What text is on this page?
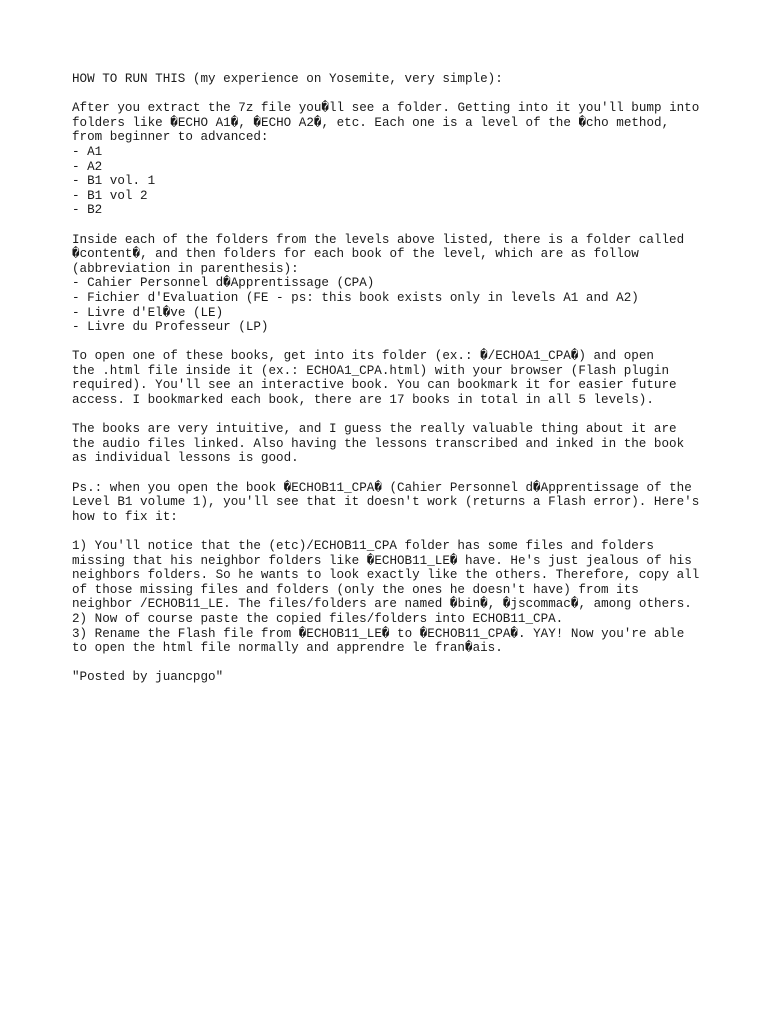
HOW TO RUN THIS (my experience on Yosemite, very simple):
After you extract the 7z file you�ll see a folder. Getting into it you'll bump into
folders like �ECHO A1�, �ECHO A2�, etc. Each one is a level of the �cho method,
from beginner to advanced:
- A1
- A2
- B1 vol. 1
- B1 vol 2
- B2
Inside each of the folders from the levels above listed, there is a folder called
�content�, and then folders for each book of the level, which are as follow
(abbreviation in parenthesis):
- Cahier Personnel d�Apprentissage (CPA)
- Fichier d'Evaluation (FE - ps: this book exists only in levels A1 and A2)
- Livre d'El�ve (LE)
- Livre du Professeur (LP)
To open one of these books, get into its folder (ex.: �/ECHOA1_CPA�) and open
the .html file inside it (ex.: ECHOA1_CPA.html) with your browser (Flash plugin
required). You'll see an interactive book. You can bookmark it for easier future
access. I bookmarked each book, there are 17 books in total in all 5 levels).
The books are very intuitive, and I guess the really valuable thing about it are
the audio files linked. Also having the lessons transcribed and inked in the book
as individual lessons is good.
Ps.: when you open the book �ECHOB11_CPA� (Cahier Personnel d�Apprentissage of the
Level B1 volume 1), you'll see that it doesn't work (returns a Flash error). Here's
how to fix it:
1) You'll notice that the (etc)/ECHOB11_CPA folder has some files and folders
missing that his neighbor folders like �ECHOB11_LE� have. He's just jealous of his
neighbors folders. So he wants to look exactly like the others. Therefore, copy all
of those missing files and folders (only the ones he doesn't have) from its
neighbor /ECHOB11_LE. The files/folders are named �bin�, �jscommac�, among others.
2) Now of course paste the copied files/folders into ECHOB11_CPA.
3) Rename the Flash file from �ECHOB11_LE� to �ECHOB11_CPA�. YAY! Now you're able
to open the html file normally and apprendre le fran�ais.
"Posted by juancpgo"
